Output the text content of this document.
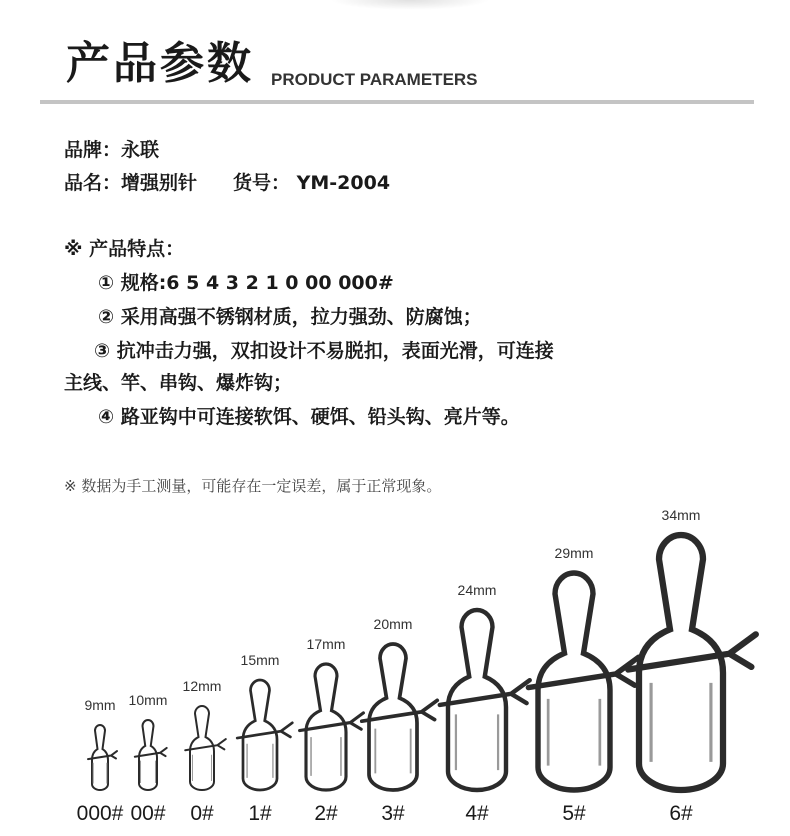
产品参数 PRODUCT PARAMETERS
品牌：永联
品名：增强别针 货号： YM-2004
※ 产品特点：
① 规格:6 5 4 3 2 1 0 00 000#
② 采用高强不锈钢材质，拉力强劲、防腐蚀；
③ 抗冲击力强，双扣设计不易脱扣，表面光滑，可连接
主线、竿、串钩、爆炸钩；
④ 路亚钩中可连接软饵、硬饵、铅头钩、亮片等。
※ 数据为手工测量，可能存在一定误差，属于正常现象。
9mm
000#
10mm
00#
12mm
0#
15mm
1#
17mm
2#
20mm
3#
24mm
4#
29mm
5#
34mm
6#
